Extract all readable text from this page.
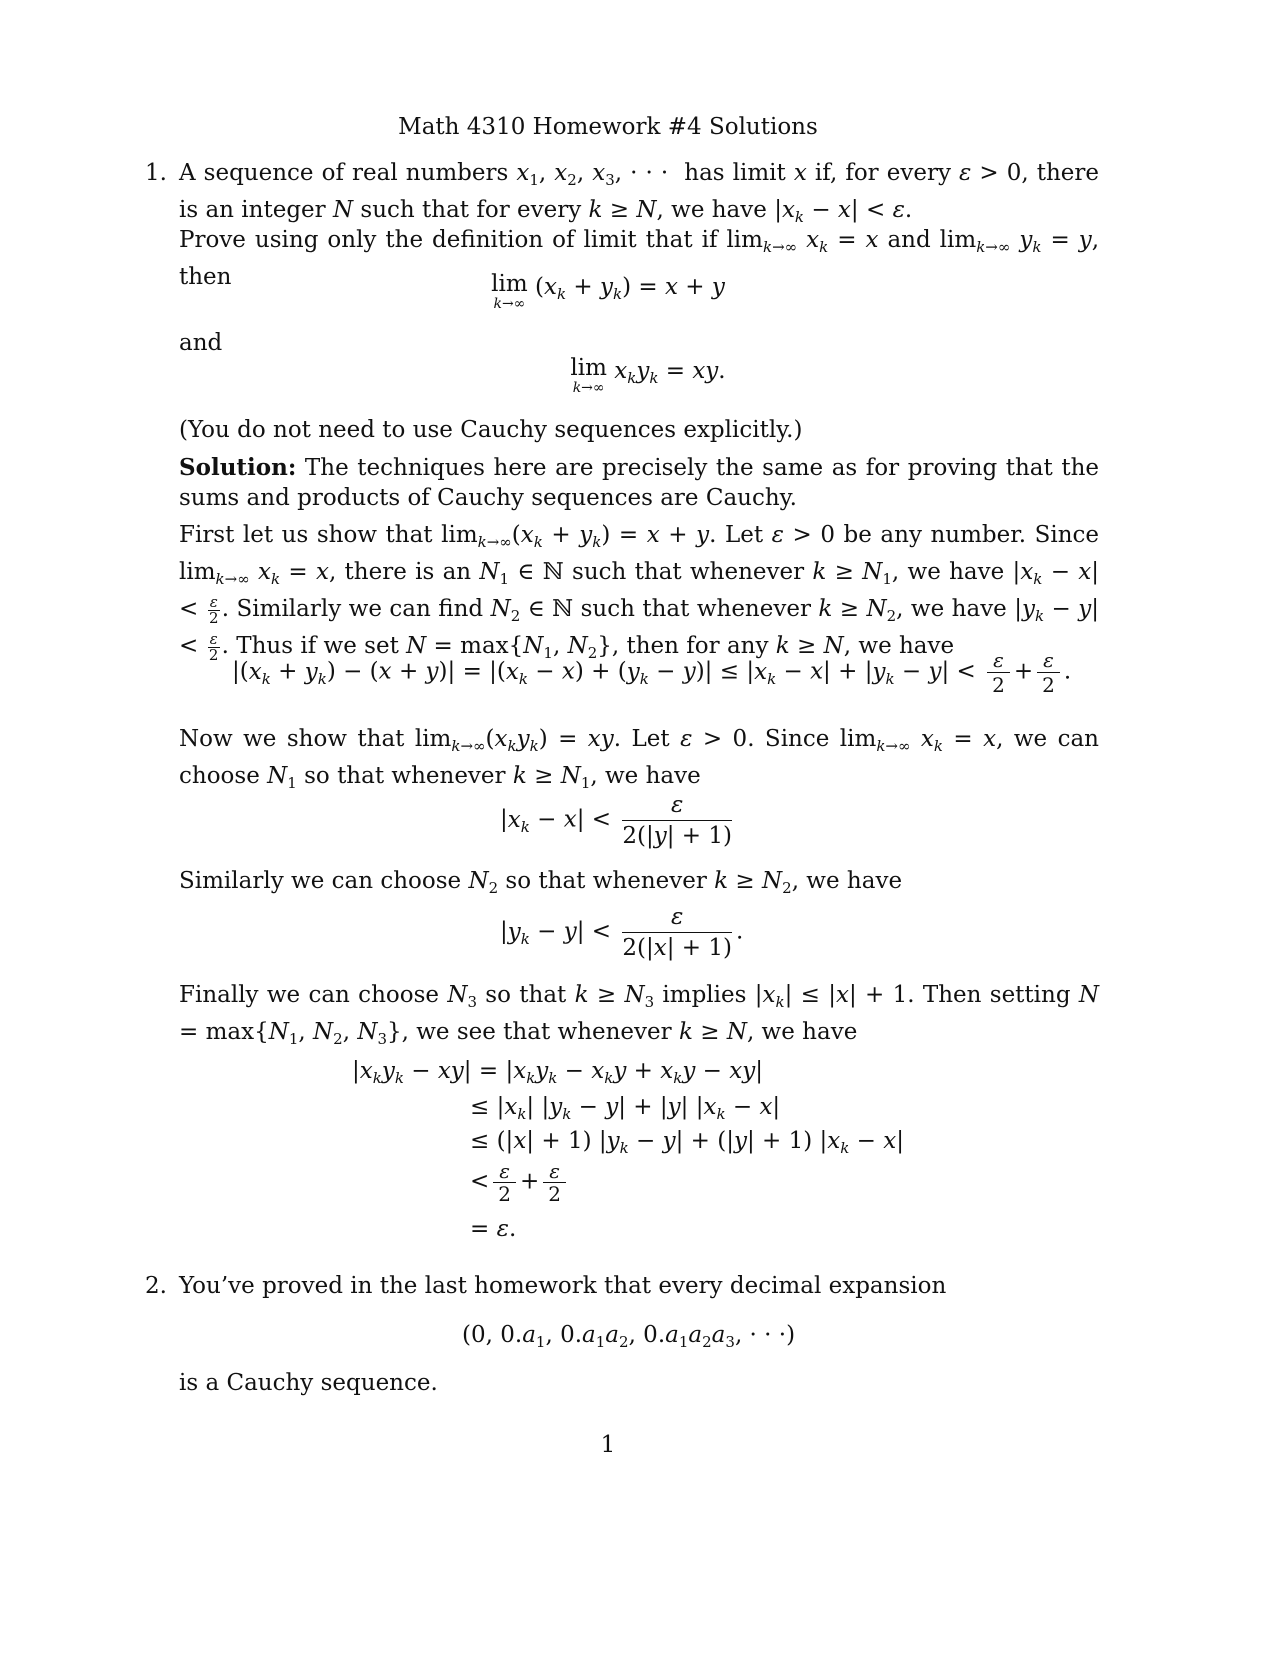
Math 4310 Homework #4 Solutions
1. A sequence of real numbers $x_1$, $x_2$, $x_3$, · · ·  has limit x if, for every ε > 0, there is an integer N such that for every k ≥ N, we have $|x_k - x| < \varepsilon$.
Prove using only the definition of limit that if $\lim_{k\to\infty} x_k = x$ and $\lim_{k\to\infty} y_k = y$, then	lim
k→∞
$(x_k + y_k) = x + y$
and
lim
k→∞
$x_ky_k$ = xy.
(You do not need to use Cauchy sequences explicitly.)
Solution: The techniques here are precisely the same as for proving that the sums and products of Cauchy sequences are Cauchy.
First let us show that $\lim_{k\to\infty}(x_k + y_k) = x + y$. Let ε > 0 be any number. Since $\lim_{k\to\infty} x_k = x$, there is an $N_1$ ∈ ℕ such that whenever $k \ge N_1$, we have $|x_k - x| < \frac{\varepsilon}{2}$ . Similarly we can find $N_2$ ∈ ℕ such that whenever $k \ge N_2$, we have $|y_k - y| < \frac{\varepsilon}{2}$ . Thus if we set $N = \max\{N_1$, $N_2$}, then for any k ≥ N, we have
$|(x_k + y_k) - (x + y)| = |(x_k - x) + (y_k - y)| \le |x_k - x| + |y_k - y| < \frac{\varepsilon}{2} + \frac{\varepsilon}{2}$ .
Now we show that $\lim_{k\to\infty}(x_ky_k)$ = xy. Let ε > 0. Since $\lim_{k\to\infty} x_k = x$, we can choose $N_1$ so that whenever $k \ge N_1$, we have
$|x_k - x| < \frac{\varepsilon}{2(|y| + 1)}$
Similarly we can choose $N_2$ so that whenever $k \ge N_2$, we have
$|y_k - y| < \frac{\varepsilon}{2(|x| + 1)}$ .
Finally we can choose $N_3$ so that $k \ge N_3$ implies $|x_k| \le |x| + 1$. Then setting $N = \max\{N_1$, $N_2$, $N_3$}, we see that whenever k ≥ N, we have
$|x_ky_k - xy| = |x_ky_k - x_ky + x_ky - xy|$
≤ $|x_k|$ $|y_k - y| + |y|$ $|x_k - x|$
≤ (|x| + 1) $|y_k - y| + (|y| + 1) |x_k - x|$
< $\frac{\varepsilon}{2} + \frac{\varepsilon}{2}$
= ε.
2. You’ve proved in the last homework that every decimal expansion
(0, $0.a_1$, $0.a_1a_2$, $0.a_1a_2a_3$, · · ·)
is a Cauchy sequence.
1
